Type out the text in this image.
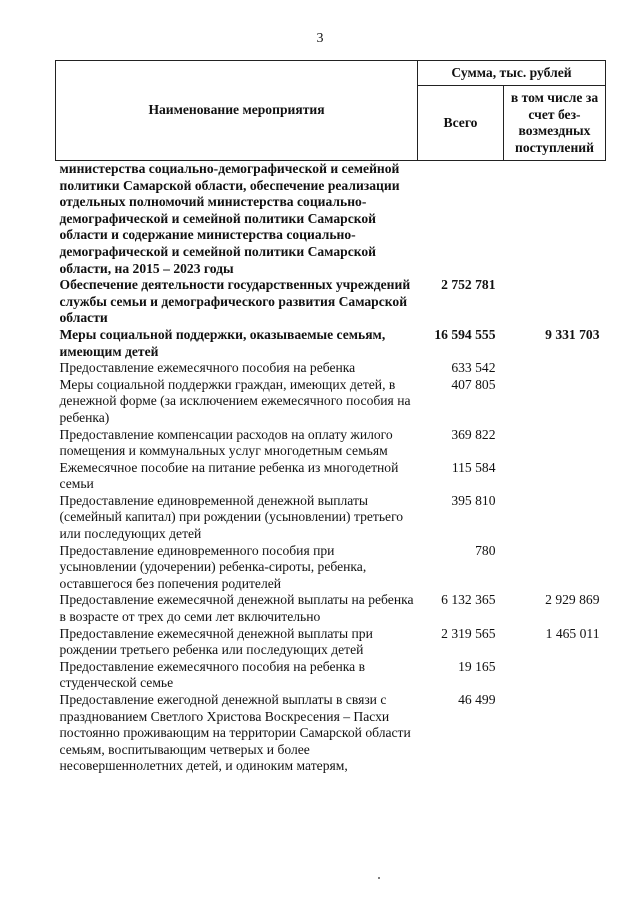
3
Наименование мероприятия	Сумма, тыс. рублей	
	Всего	в том числе за счет без-возмездных поступлений
министерства социально-демографической и семейной политики Самарской области, обеспечение реализации отдельных полномочий министерства социально-демографической и семейной политики Самарской области и содержание министерства социально-демографической и семейной политики Самарской области, на 2015 – 2023 годы		
Обеспечение деятельности государственных учреждений службы семьи и демографического развития Самарской области	2 752 781	
Меры социальной поддержки, оказываемые семьям, имеющим детей	16 594 555	9 331 703
Предоставление ежемесячного пособия на ребенка	633 542	
Меры социальной поддержки граждан, имеющих детей, в денежной форме (за исключением ежемесячного пособия на ребенка)	407 805	
Предоставление компенсации расходов на оплату жилого помещения и коммунальных услуг многодетным семьям	369 822	
Ежемесячное пособие на питание ребенка из многодетной семьи	115 584	
Предоставление единовременной денежной выплаты (семейный капитал) при рождении (усыновлении) третьего или последующих детей	395 810	
Предоставление единовременного пособия при усыновлении (удочерении) ребенка-сироты, ребенка, оставшегося без попечения родителей	780	
Предоставление ежемесячной денежной выплаты на ребенка в возрасте от трех до семи лет включительно	6 132 365	2 929 869
Предоставление ежемесячной денежной выплаты при рождении третьего ребенка или последующих детей	2 319 565	1 465 011
Предоставление ежемесячного пособия на ребенка в студенческой семье	19 165	
Предоставление ежегодной денежной выплаты в связи с празднованием Светлого Христова Воскресения – Пасхи постоянно проживающим на территории Самарской области семьям, воспитывающим четверых и более несовершеннолетних детей, и одиноким матерям,	46 499	
